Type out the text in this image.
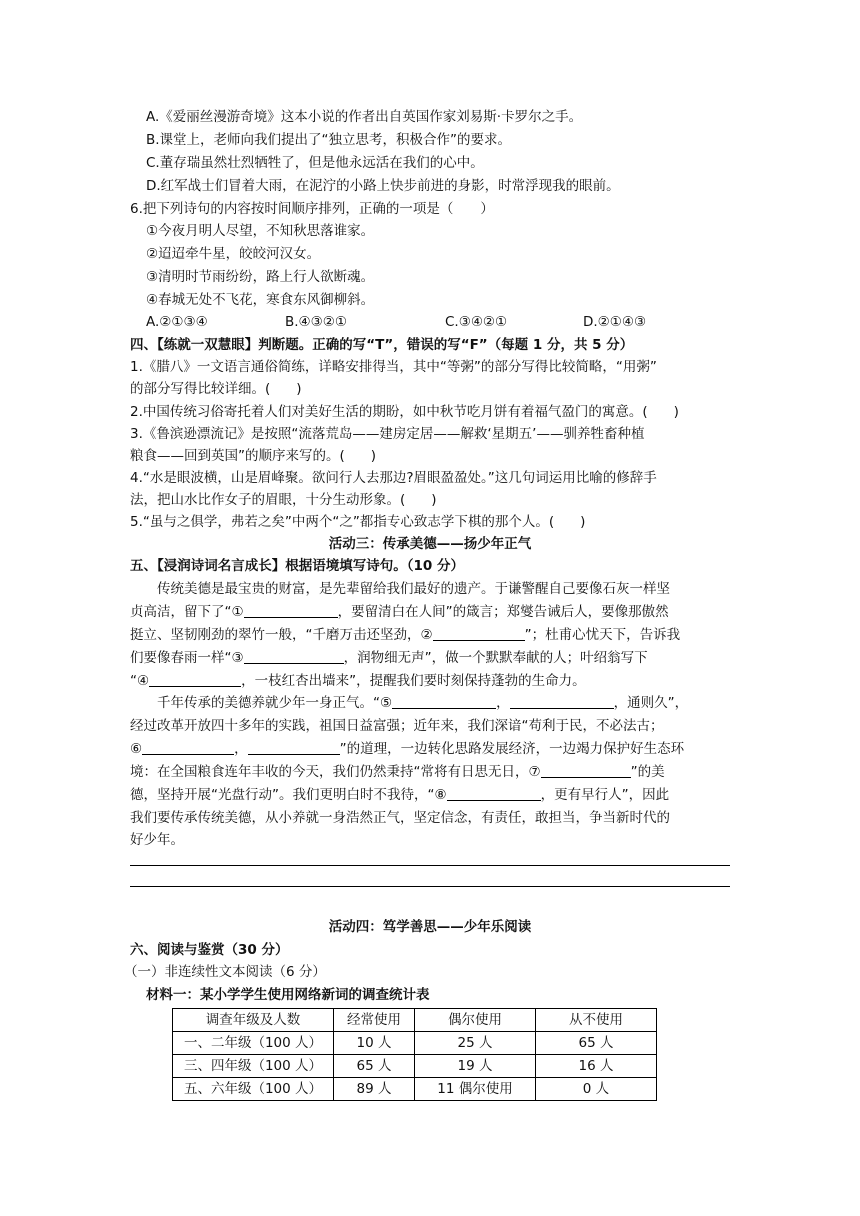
A.《爱丽丝漫游奇境》这本小说的作者出自英国作家刘易斯·卡罗尔之手。
B.课堂上，老师向我们提出了“独立思考，积极合作”的要求。
C.董存瑞虽然壮烈牺牲了，但是他永远活在我们的心中。
D.红军战士们冒着大雨，在泥泞的小路上快步前进的身影，时常浮现我的眼前。
6.把下列诗句的内容按时间顺序排列，正确的一项是（　　）
①今夜月明人尽望，不知秋思落谁家。
②迢迢牵牛星，皎皎河汉女。
③清明时节雨纷纷，路上行人欲断魂。
④春城无处不飞花，寒食东风御柳斜。
A.②①③④	B.④③②①	C.③④②①	D.②①④③
四、【练就一双慧眼】判断题。正确的写“T”，错误的写“F”（每题 1 分，共 5 分）
1.《腊八》一文语言通俗简练，详略安排得当，其中“等粥”的部分写得比较简略，“用粥”
的部分写得比较详细。( )
2.中国传统习俗寄托着人们对美好生活的期盼，如中秋节吃月饼有着福气盈门的寓意。( )
3.《鲁滨逊漂流记》是按照“流落荒岛——建房定居——解救‘星期五’——驯养牲畜种植
粮食——回到英国”的顺序来写的。( )
4.“水是眼波横，山是眉峰聚。欲问行人去那边?眉眼盈盈处。”这几句词运用比喻的修辞手
法，把山水比作女子的眉眼，十分生动形象。( )
5.“虽与之俱学，弗若之矣”中两个“之”都指专心致志学下棋的那个人。( )
活动三：传承美德——扬少年正气
五、【浸润诗词名言成长】根据语境填写诗句。（10 分）
传统美德是最宝贵的财富，是先辈留给我们最好的遗产。于谦警醒自己要像石灰一样坚
贞高洁，留下了“①	，要留清白在人间”的箴言；郑燮告诫后人，要像那傲然
挺立、坚韧刚劲的翠竹一般，“千磨万击还坚劲，②	”；杜甫心忧天下，告诉我
们要像春雨一样“③	，润物细无声”，做一个默默奉献的人；叶绍翁写下
“④	，一枝红杏出墙来”，提醒我们要时刻保持蓬勃的生命力。
千年传承的美德养就少年一身正气。“⑤	，	，通则久”，
经过改革开放四十多年的实践，祖国日益富强；近年来，我们深谙“苟利于民，不必法古；
⑥	，	”的道理，一边转化思路发展经济，一边竭力保护好生态环
境：在全国粮食连年丰收的今天，我们仍然秉持“常将有日思无日，⑦	”的美
德，坚持开展“光盘行动”。我们更明白时不我待，“⑧	，更有早行人”，因此
我们要传承传统美德，从小养就一身浩然正气，坚定信念，有责任，敢担当，争当新时代的
好少年。
活动四：笃学善思——少年乐阅读
六、阅读与鉴赏（30 分）
（一）非连续性文本阅读（6 分）
材料一：某小学学生使用网络新词的调查统计表
调查年级及人数	经常使用	偶尔使用	从不使用
一、二年级（100 人）	10 人	25 人	65 人
三、四年级（100 人）	65 人	19 人	16 人
五、六年级（100 人）	89 人	11 偶尔使用	0 人
